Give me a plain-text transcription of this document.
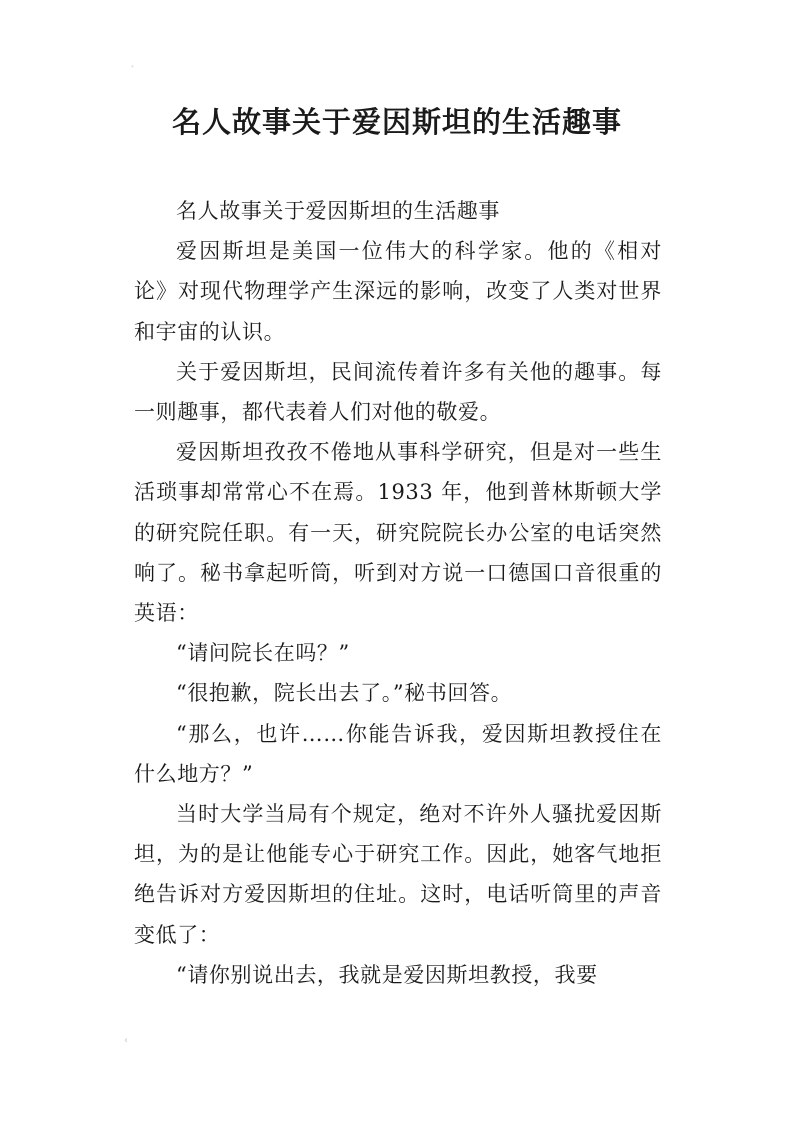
˛
名人故事关于爱因斯坦的生活趣事

名人故事关于爱因斯坦的生活趣事

爱因斯坦是美国一位伟大的科学家。他的《相对论》对现代物理学产生深远的影响，改变了人类对世界和宇宙的认识。

关于爱因斯坦，民间流传着许多有关他的趣事。每一则趣事，都代表着人们对他的敬爱。

爱因斯坦孜孜不倦地从事科学研究，但是对一些生活琐事却常常心不在焉。1933 年，他到普林斯顿大学的研究院任职。有一天，研究院院长办公室的电话突然响了。秘书拿起听筒，听到对方说一口德国口音很重的英语：

“请问院长在吗？”

“很抱歉，院长出去了。”秘书回答。

“那么，也许……你能告诉我，爱因斯坦教授住在什么地方？”

当时大学当局有个规定，绝对不许外人骚扰爱因斯坦，为的是让他能专心于研究工作。因此，她客气地拒绝告诉对方爱因斯坦的住址。这时，电话听筒里的声音变低了：

“请你别说出去，我就是爱因斯坦教授，我要

‹
